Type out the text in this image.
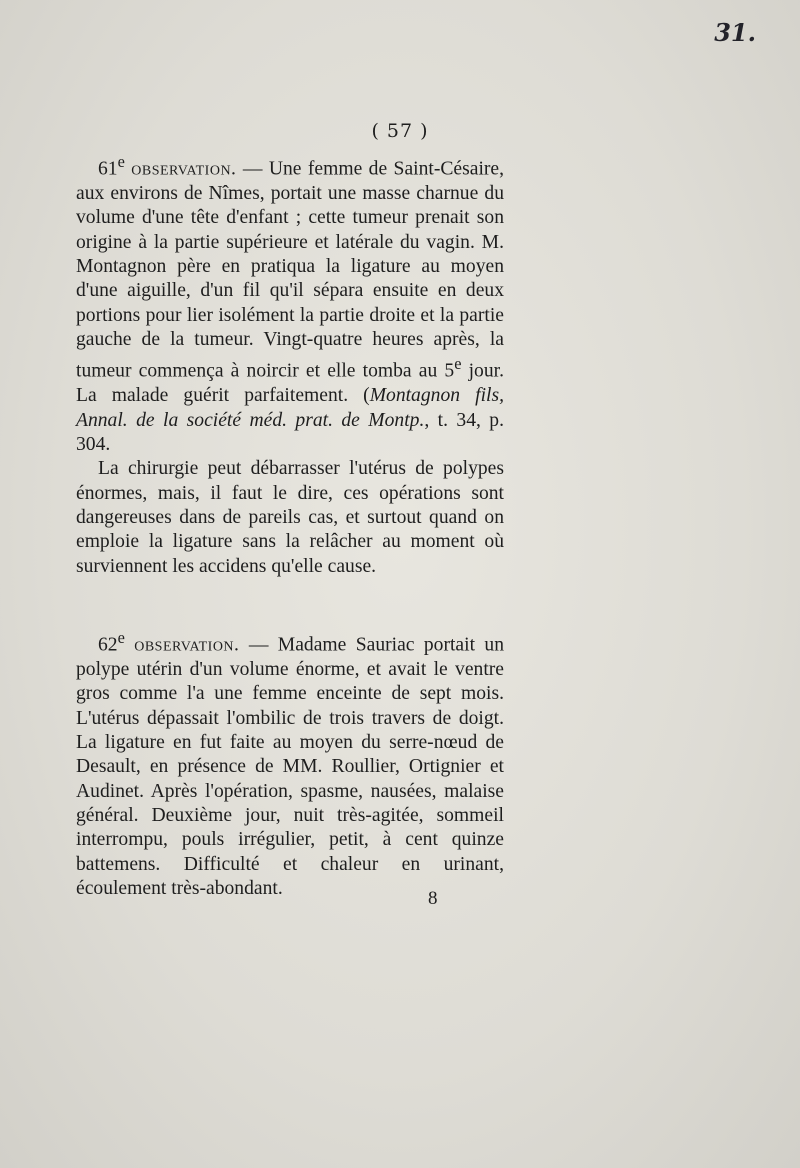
31.
( 57 )

61e observation. — Une femme de Saint-Césaire, aux environs de Nîmes, portait une masse charnue du volume d'une tête d'enfant ; cette tumeur prenait son origine à la partie supérieure et latérale du vagin. M. Montagnon père en pratiqua la ligature au moyen d'une aiguille, d'un fil qu'il sépara ensuite en deux portions pour lier isolément la partie droite et la partie gauche de la tumeur. Vingt-quatre heures après, la tumeur commença à noircir et elle tomba au 5e jour. La malade guérit parfaitement. (Montagnon fils, Annal. de la société méd. prat. de Montp., t. 34, p. 304.

La chirurgie peut débarrasser l'utérus de polypes énormes, mais, il faut le dire, ces opérations sont dangereuses dans de pareils cas, et surtout quand on emploie la ligature sans la relâcher au moment où surviennent les accidens qu'elle cause.

62e observation. — Madame Sauriac portait un polype utérin d'un volume énorme, et avait le ventre gros comme l'a une femme enceinte de sept mois. L'utérus dépassait l'ombilic de trois travers de doigt. La ligature en fut faite au moyen du serre-nœud de Desault, en présence de MM. Roullier, Ortignier et Audinet. Après l'opération, spasme, nausées, malaise général. Deuxième jour, nuit très-agitée, sommeil interrompu, pouls irrégulier, petit, à cent quinze battemens. Difficulté et chaleur en urinant, écoulement très-abondant.	8
